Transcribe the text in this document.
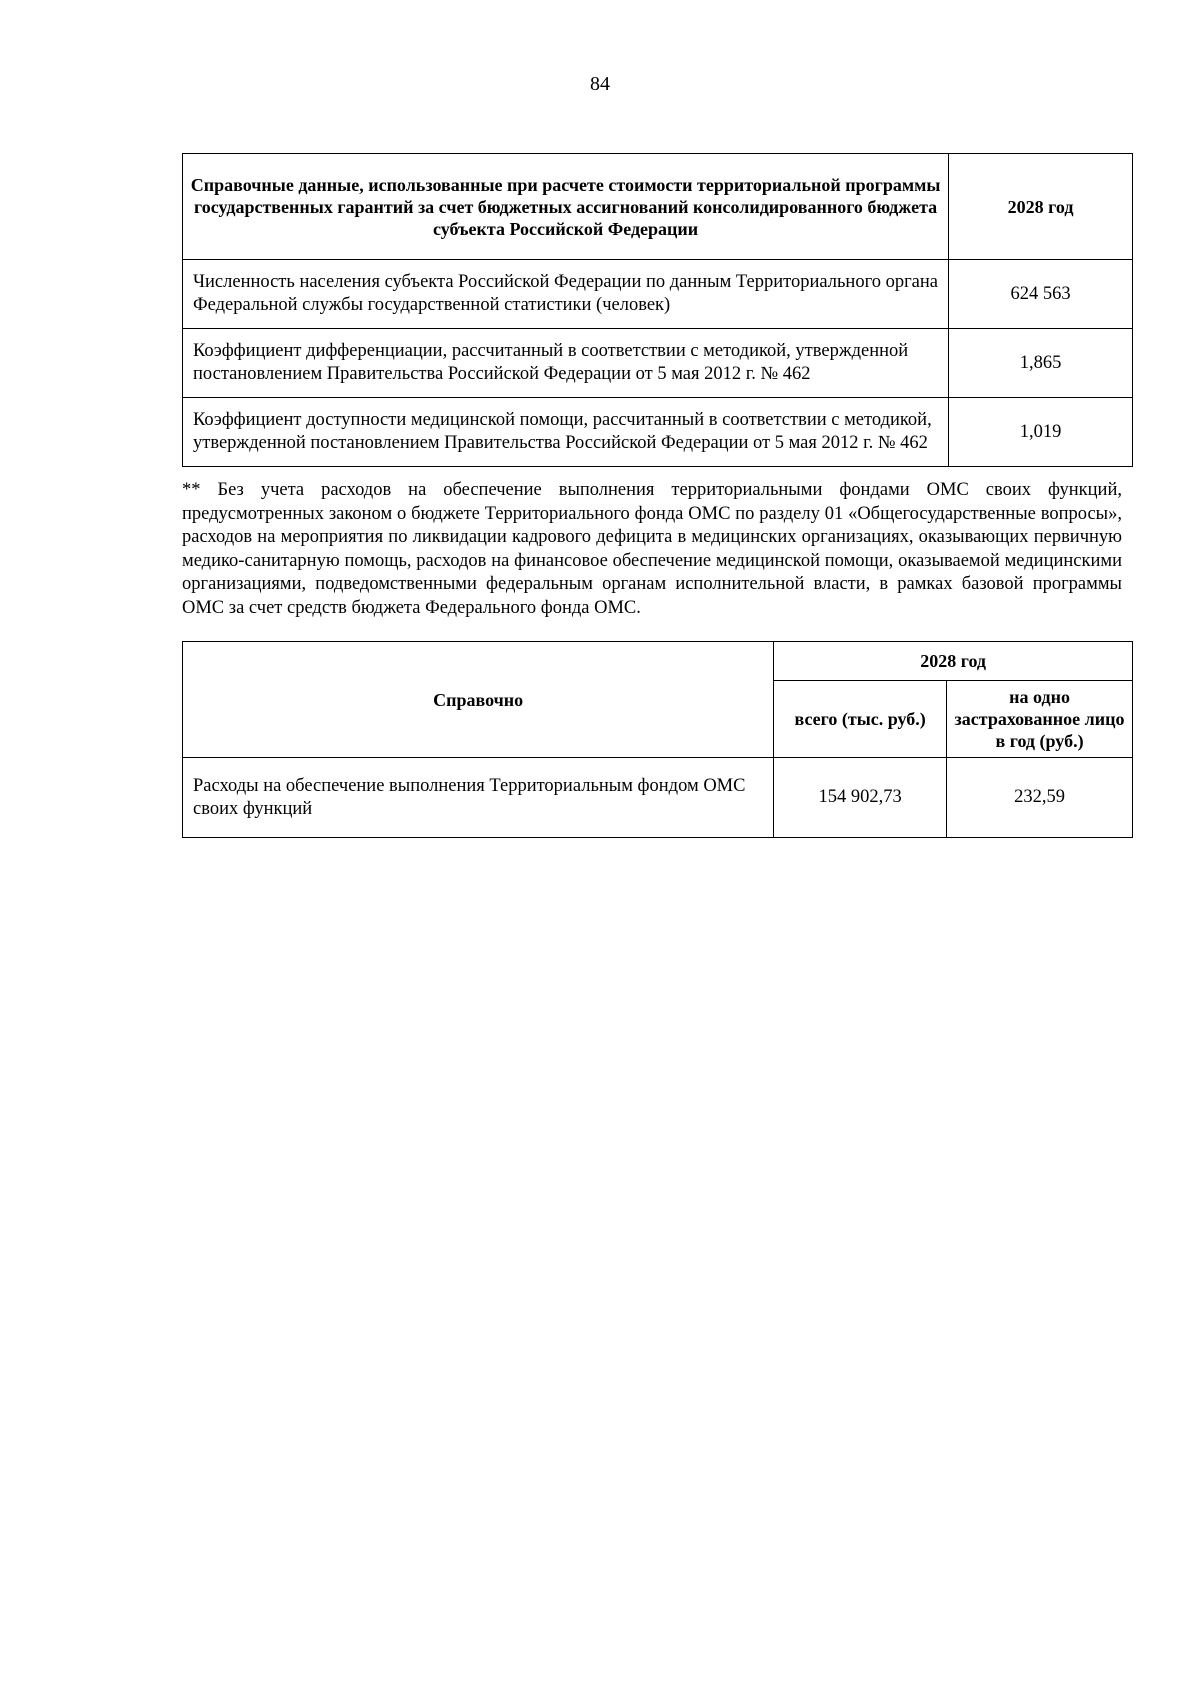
84
Справочные данные, использованные при расчете стоимости территориальной программы государственных гарантий за счет бюджетных ассигнований консолидированного бюджета субъекта Российской Федерации	2028 год
Численность населения субъекта Российской Федерации по данным Территориального органа Федеральной службы государственной статистики (человек)	624 563
Коэффициент дифференциации, рассчитанный в соответствии с методикой, утвержденной постановлением Правительства Российской Федерации от 5 мая 2012 г. № 462	1,865
Коэффициент доступности медицинской помощи, рассчитанный в соответствии с методикой, утвержденной постановлением Правительства Российской Федерации от 5 мая 2012 г. № 462	1,019

** Без учета расходов на обеспечение выполнения территориальными фондами ОМС своих функций, предусмотренных законом о бюджете Территориального фонда ОМС по разделу 01 «Общегосударственные вопросы», расходов на мероприятия по ликвидации кадрового дефицита в медицинских организациях, оказывающих первичную медико-санитарную помощь, расходов на финансовое обеспечение медицинской помощи, оказываемой медицинскими организациями, подведомственными федеральным органам исполнительной власти, в рамках базовой программы ОМС за счет средств бюджета Федерального фонда ОМС.

Справочно	2028 год	
	всего (тыс. руб.)	на одно застрахованное лицо в год (руб.)
Расходы на обеспечение выполнения Территориальным фондом ОМС своих функций	154 902,73	232,59
